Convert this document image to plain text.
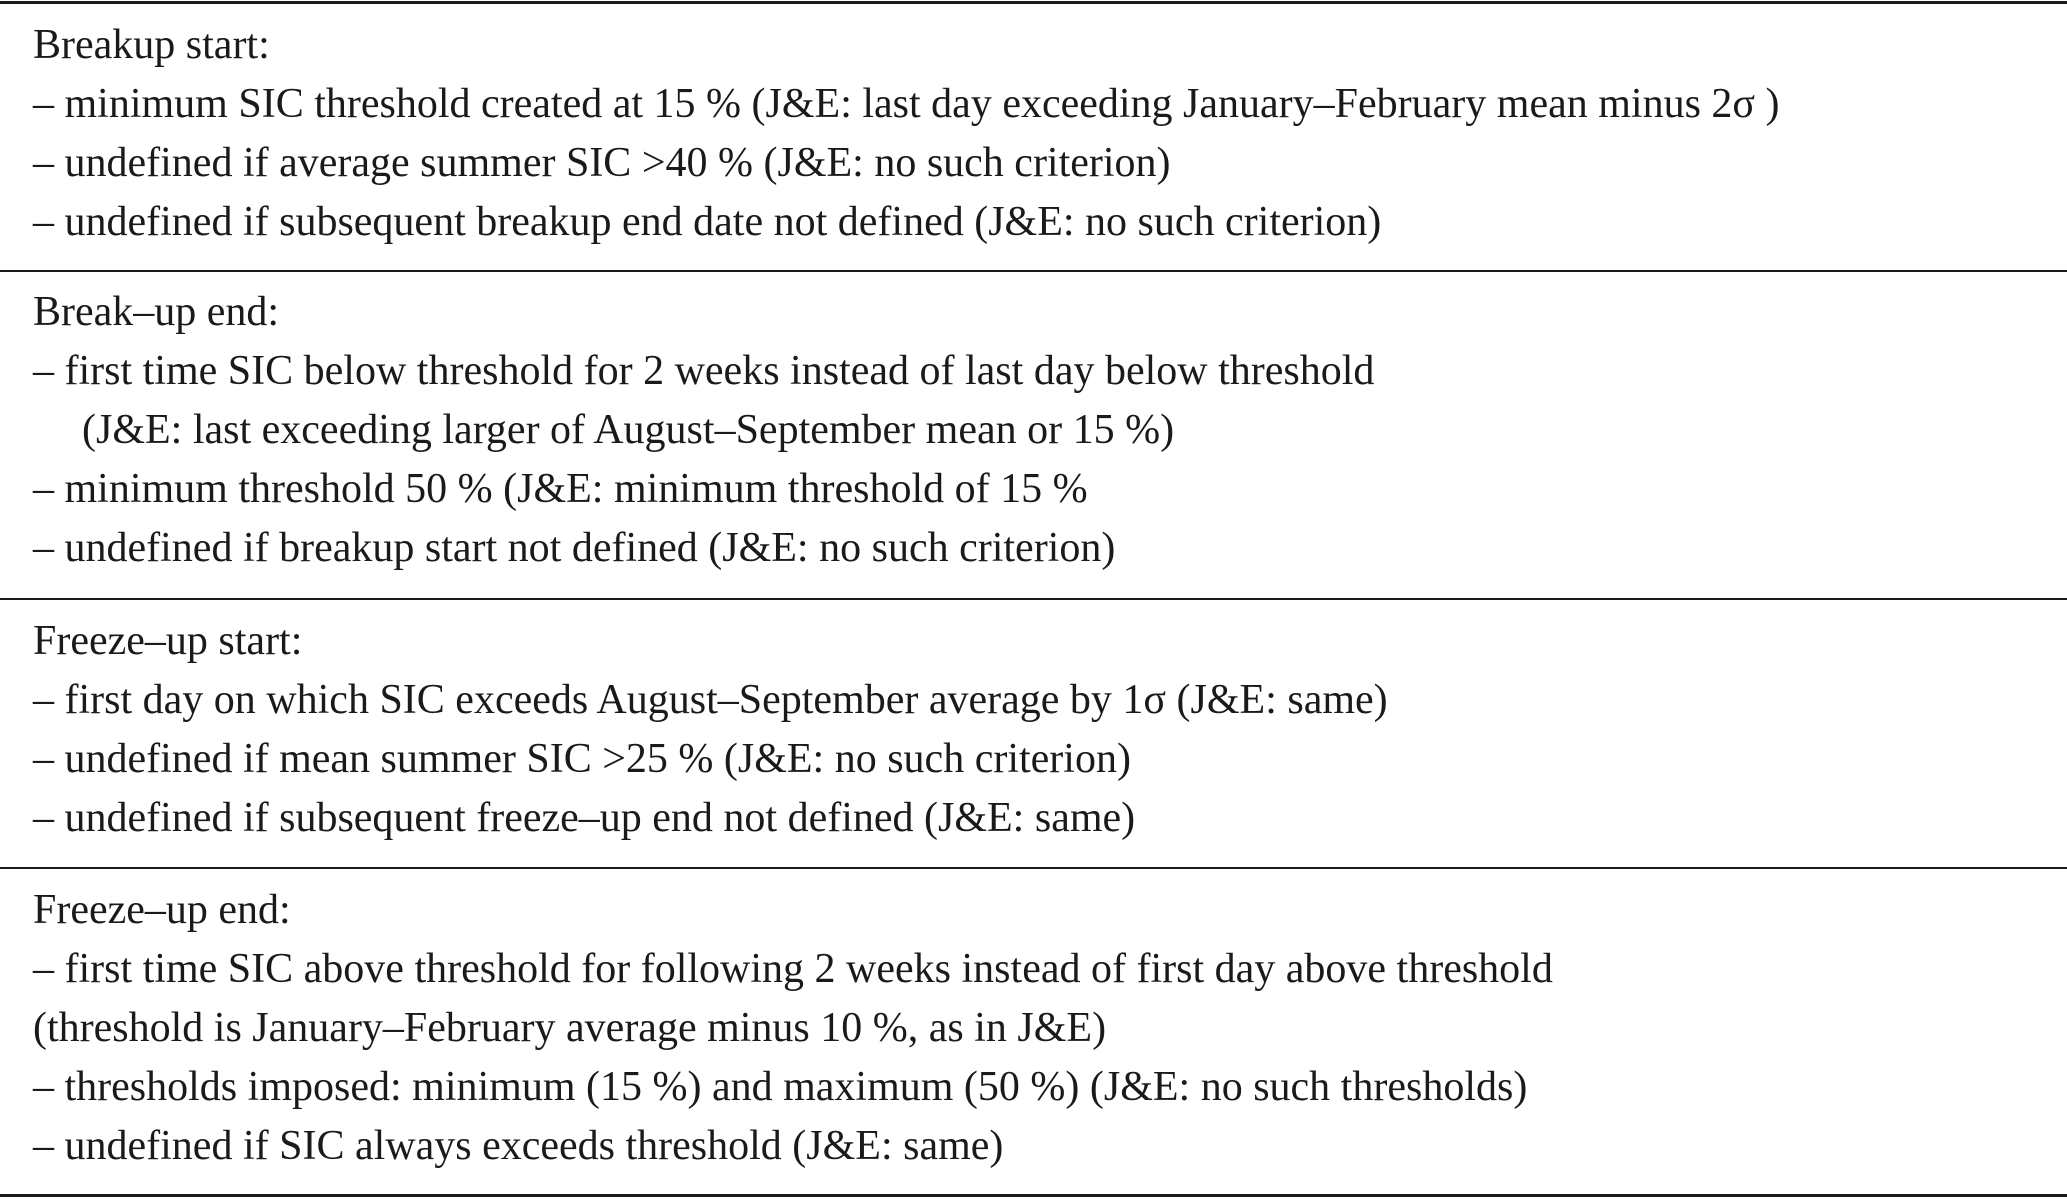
Breakup start:
– minimum SIC threshold created at 15 % (J&E: last day exceeding January–February mean minus 2σ )
– undefined if average summer SIC >40 % (J&E: no such criterion)
– undefined if subsequent breakup end date not defined (J&E: no such criterion)
Break–up end:
– first time SIC below threshold for 2 weeks instead of last day below threshold
(J&E: last exceeding larger of August–September mean or 15 %)
– minimum threshold 50 % (J&E: minimum threshold of 15 %
– undefined if breakup start not defined (J&E: no such criterion)
Freeze–up start:
– first day on which SIC exceeds August–September average by 1σ (J&E: same)
– undefined if mean summer SIC >25 % (J&E: no such criterion)
– undefined if subsequent freeze–up end not defined (J&E: same)
Freeze–up end:
– first time SIC above threshold for following 2 weeks instead of first day above threshold
(threshold is January–February average minus 10 %, as in J&E)
– thresholds imposed: minimum (15 %) and maximum (50 %) (J&E: no such thresholds)
– undefined if SIC always exceeds threshold (J&E: same)
